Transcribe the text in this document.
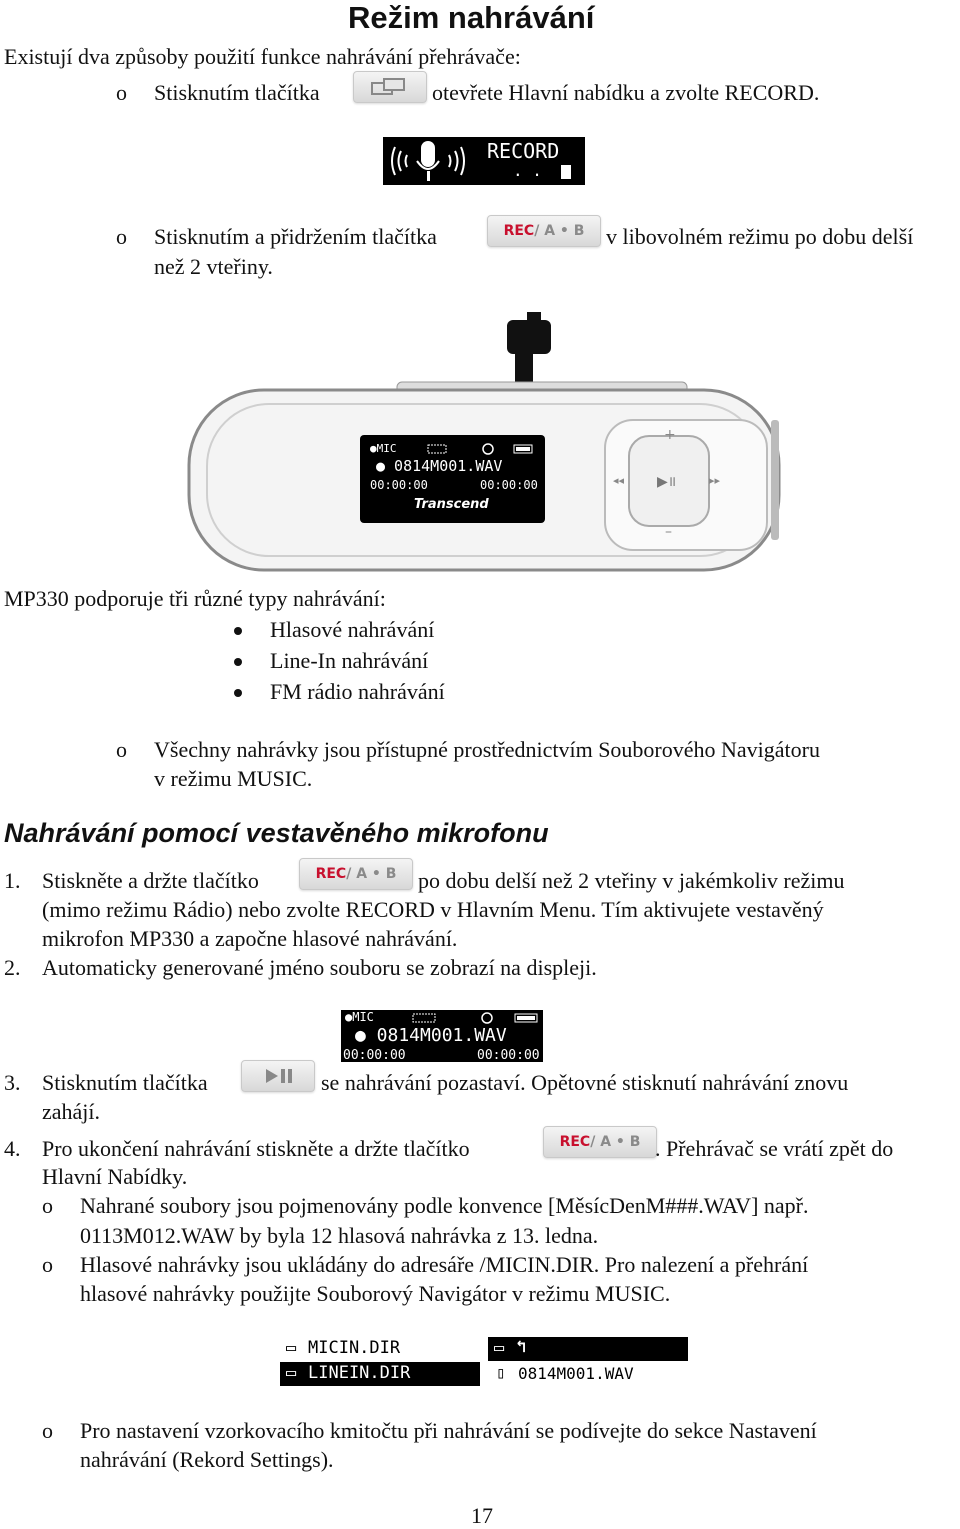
Režim nahrávání
Existují dva způsoby použití funkce nahrávání přehrávače:
o Stisknutím tlačítka	otevřete Hlavní nabídku a zvolte RECORD.
RECORD
. .
o Stisknutím a přidržením tlačítka	REC / A • B v libovolném režimu po dobu delší
než 2 vteřiny.
+
–
◂◂	▸▸
▶॥
●MIC
● 0814M001.WAV
00:00:00	00:00:00
Transcend
MP330 podporuje tři různé typy nahrávání:
Hlasové nahrávání
Line-In nahrávání
FM rádio nahrávání
o Všechny nahrávky jsou přístupné prostřednictvím Souborového Navigátoru
v režimu MUSIC.
Nahrávání pomocí vestavěného mikrofonu
1. Stiskněte a držte tlačítko	REC / A • B po dobu delší než 2 vteřiny v jakémkoliv režimu
(mimo režimu Rádio) nebo zvolte RECORD v Hlavním Menu. Tím aktivujete vestavěný
mikrofon MP330 a započne hlasové nahrávání.
2. Automaticky generované jméno souboru se zobrazí na displeji.
●MIC
● 0814M001.WAV
00:00:00	00:00:00
3. Stisknutím tlačítka	se nahrávání pozastaví. Opětovné stisknutí nahrávání znovu
zahájí.
4. Pro ukončení nahrávání stiskněte a držte tlačítko	REC / A • B . Přehrávač se vrátí zpět do
Hlavní Nabídky.
o Nahrané soubory jsou pojmenovány podle konvence [MěsícDenM###.WAV] např.
0113M012.WAW by byla 12 hlasová nahrávka z 13. ledna.
o Hlasové nahrávky jsou ukládány do adresáře /MICIN.DIR. Pro nalezení a přehrání
hlasové nahrávky použijte Souborový Navigátor v režimu MUSIC.
▭ MICIN.DIR
▭ LINEIN.DIR
▭ ↰
▯ 0814M001.WAV
o Pro nastavení vzorkovacího kmitočtu při nahrávání se podívejte do sekce Nastavení
nahrávání (Rekord Settings).
17
